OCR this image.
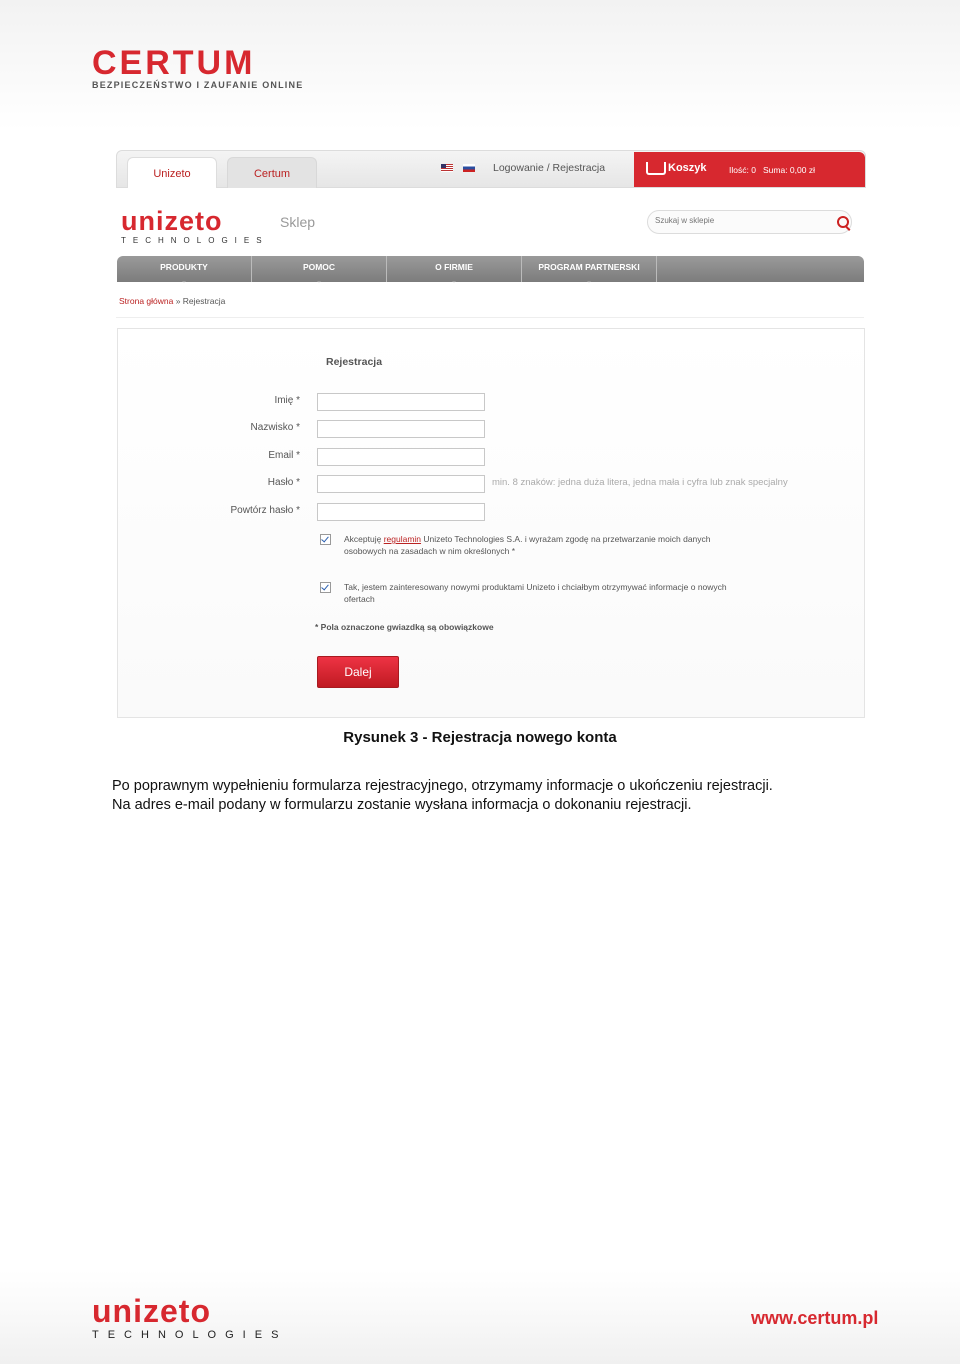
CERTUM
BEZPIECZEŃSTWO I ZAUFANIE ONLINE
Unizeto	Certum	Logowanie / Rejestracja	Koszyk	Ilość: 0 Suma: 0,00 zł
unizeto
TECHNOLOGIES
Sklep
Szukaj w sklepie
PRODUKTY
⌄
POMOC
⌄
O FIRMIE
⌄
PROGRAM PARTNERSKI
⌄
Strona główna » Rejestracja
Rejestracja
Imię *
Nazwisko *
Email *
Hasło *	min. 8 znaków: jedna duża litera, jedna mała i cyfra lub znak specjalny
Powtórz hasło *
Akceptuję regulamin Unizeto Technologies S.A. i wyrażam zgodę na przetwarzanie moich danych osobowych na zasadach w nim określonych *
Tak, jestem zainteresowany nowymi produktami Unizeto i chciałbym otrzymywać informacje o nowych ofertach
* Pola oznaczone gwiazdką są obowiązkowe
Dalej
Rysunek 3 - Rejestracja nowego konta

Po poprawnym wypełnieniu formularza rejestracyjnego, otrzymamy informacje o ukończeniu rejestracji.

Na adres e-mail podany w formularzu zostanie wysłana informacja o dokonaniu rejestracji.

unizeto
TECHNOLOGIES
www.certum.pl
